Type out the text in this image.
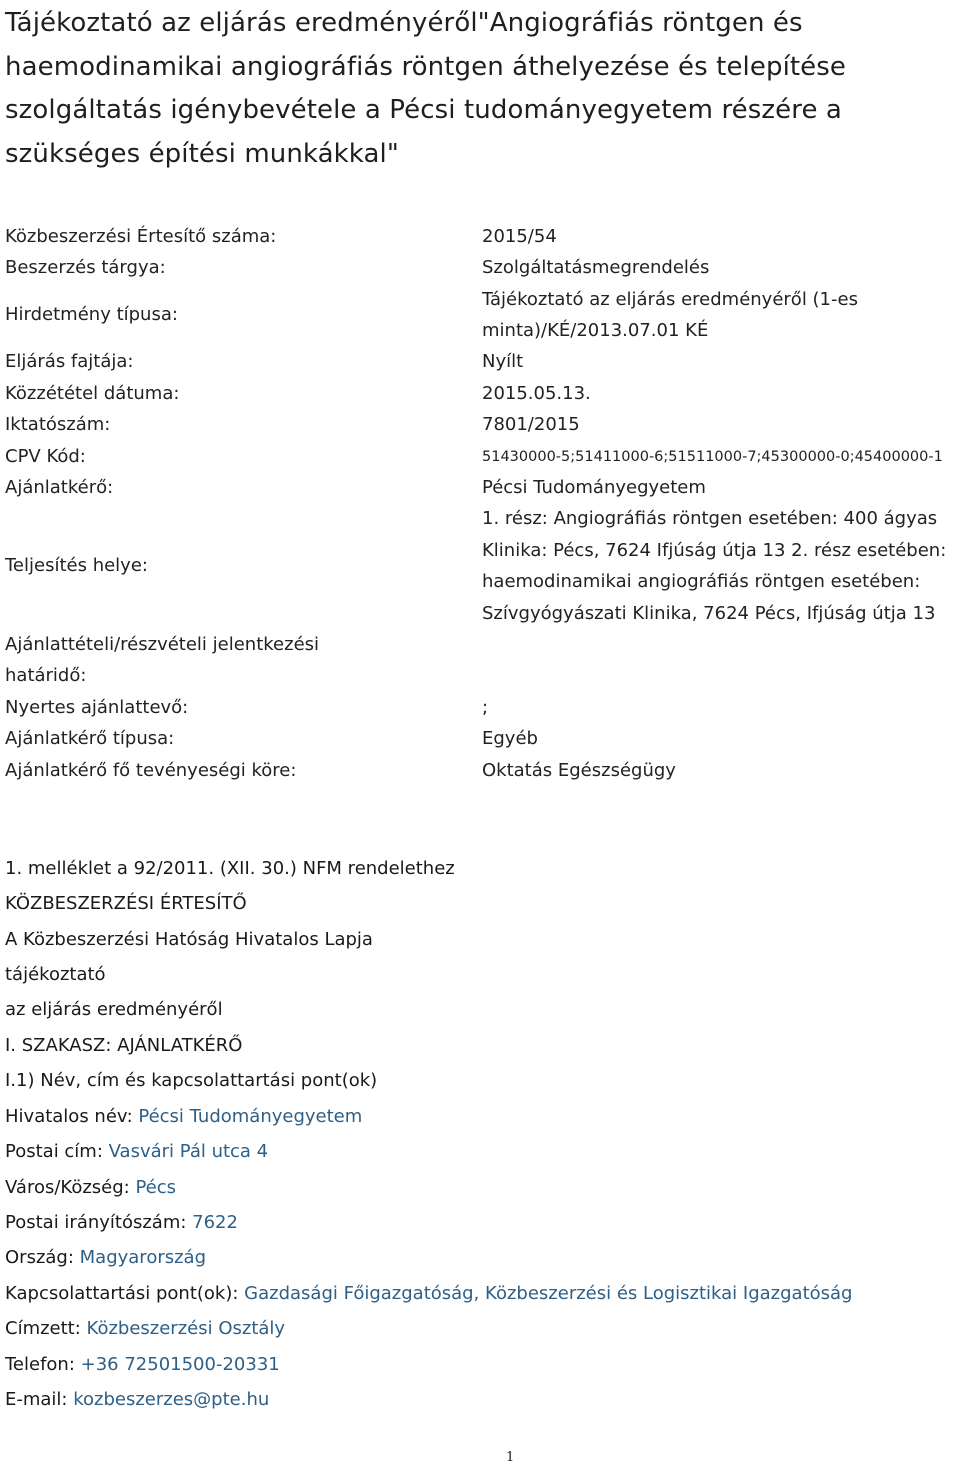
Tájékoztató az eljárás eredményéről"Angiográfiás röntgen és
haemodinamikai angiográfiás röntgen áthelyezése és telepítése
szolgáltatás igénybevétele a Pécsi tudományegyetem részére a
szükséges építési munkákkal"
Közbeszerzési Értesítő száma:	2015/54
Beszerzés tárgya:	Szolgáltatásmegrendelés
Hirdetmény típusa:
Tájékoztató az eljárás eredményéről (1-es
minta)/KÉ/2013.07.01 KÉ
Eljárás fajtája:	Nyílt
Közzététel dátuma:	2015.05.13.
Iktatószám:	7801/2015
CPV Kód:	51430000-5;51411000-6;51511000-7;45300000-0;45400000-1
Ajánlatkérő:	Pécsi Tudományegyetem
Teljesítés helye:
1. rész: Angiográfiás röntgen esetében: 400 ágyas
Klinika: Pécs, 7624 Ifjúság útja 13 2. rész esetében:
haemodinamikai angiográfiás röntgen esetében:
Szívgyógyászati Klinika, 7624 Pécs, Ifjúság útja 13
Ajánlattételi/részvételi jelentkezési
határidő:
Nyertes ajánlattevő:	;
Ajánlatkérő típusa:	Egyéb
Ajánlatkérő fő tevényeségi köre:	Oktatás Egészségügy
1. melléklet a 92/2011. (XII. 30.) NFM rendelethez
KÖZBESZERZÉSI ÉRTESÍTŐ
A Közbeszerzési Hatóság Hivatalos Lapja
tájékoztató
az eljárás eredményéről
I. SZAKASZ: AJÁNLATKÉRŐ
I.1) Név, cím és kapcsolattartási pont(ok)
Hivatalos név: Pécsi Tudományegyetem
Postai cím: Vasvári Pál utca 4
Város/Község: Pécs
Postai irányítószám: 7622
Ország: Magyarország
Kapcsolattartási pont(ok): Gazdasági Főigazgatóság, Közbeszerzési és Logisztikai Igazgatóság
Címzett: Közbeszerzési Osztály
Telefon: +36 72501500-20331
E-mail: kozbeszerzes@pte.hu
1
